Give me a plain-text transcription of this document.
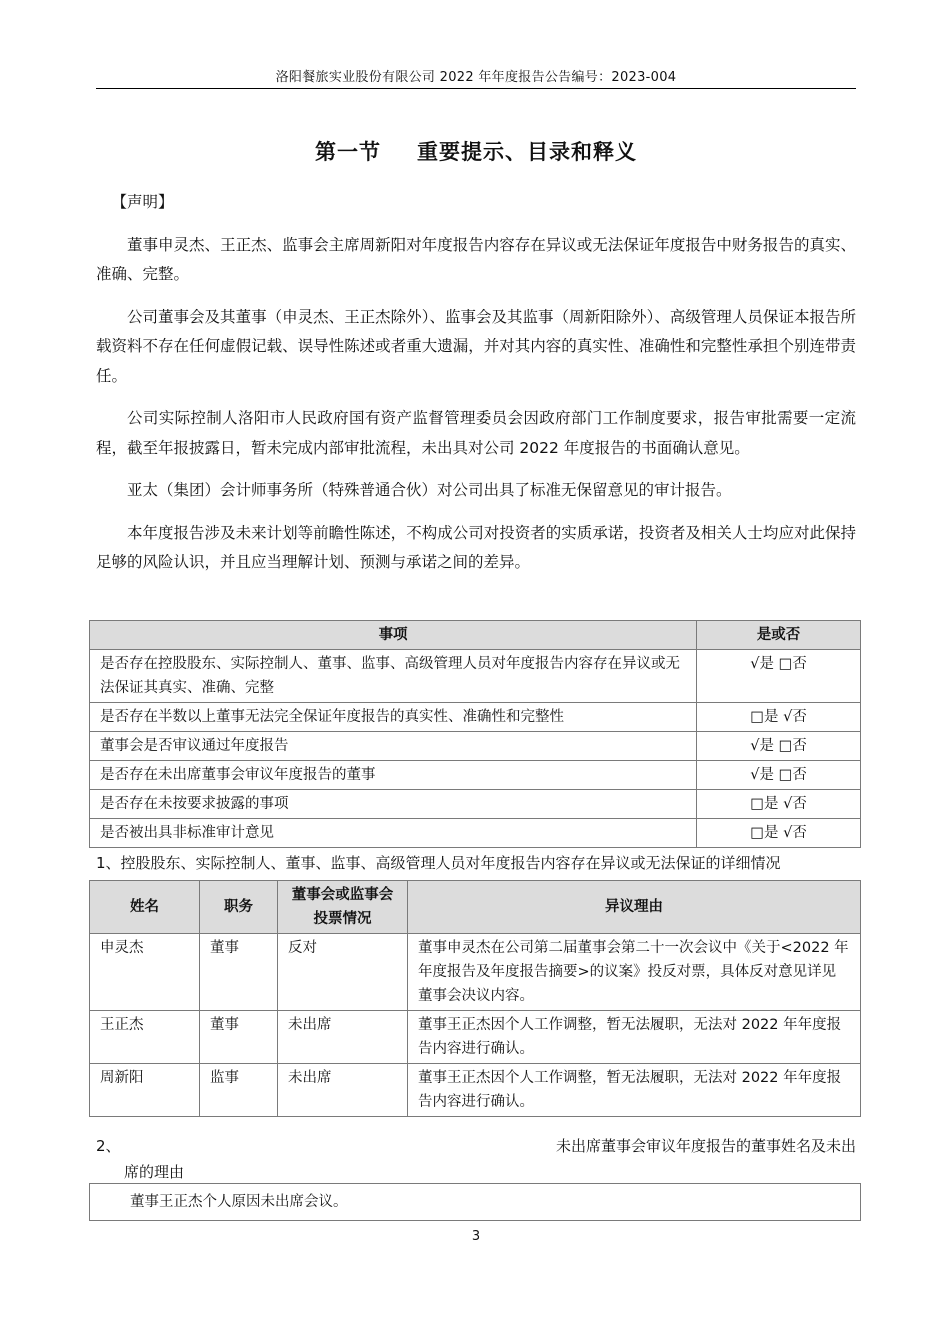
洛阳餐旅实业股份有限公司 2022 年年度报告公告编号：2023-004
第一节 重要提示、目录和释义

【声明】

董事申灵杰、王正杰、监事会主席周新阳对年度报告内容存在异议或无法保证年度报告中财务报告的真实、准确、完整。

公司董事会及其董事（申灵杰、王正杰除外）、监事会及其监事（周新阳除外）、高级管理人员保证本报告所载资料不存在任何虚假记载、误导性陈述或者重大遗漏，并对其内容的真实性、准确性和完整性承担个别连带责任。

公司实际控制人洛阳市人民政府国有资产监督管理委员会因政府部门工作制度要求，报告审批需要一定流程，截至年报披露日，暂未完成内部审批流程，未出具对公司 2022 年度报告的书面确认意见。

亚太（集团）会计师事务所（特殊普通合伙）对公司出具了标准无保留意见的审计报告。

本年度报告涉及未来计划等前瞻性陈述，不构成公司对投资者的实质承诺，投资者及相关人士均应对此保持足够的风险认识，并且应当理解计划、预测与承诺之间的差异。

事项	是或否
是否存在控股股东、实际控制人、董事、监事、高级管理人员对年度报告内容存在异议或无法保证其真实、准确、完整	√是 □否
是否存在半数以上董事无法完全保证年度报告的真实性、准确性和完整性	□是 √否
董事会是否审议通过年度报告	√是 □否
是否存在未出席董事会审议年度报告的董事	√是 □否
是否存在未按要求披露的事项	□是 √否
是否被出具非标准审计意见	□是 √否
1、控股股东、实际控制人、董事、监事、高级管理人员对年度报告内容存在异议或无法保证的详细情况
姓名	职务	董事会或监事会投票情况	异议理由
申灵杰	董事	反对	董事申灵杰在公司第二届董事会第二十一次会议中《关于<2022 年年度报告及年度报告摘要>的议案》投反对票，具体反对意见详见董事会决议内容。
王正杰	董事	未出席	董事王正杰因个人工作调整，暂无法履职，无法对 2022 年年度报告内容进行确认。
周新阳	监事	未出席	董事王正杰因个人工作调整，暂无法履职，无法对 2022 年年度报告内容进行确认。
2、	未出席董事会审议年度报告的董事姓名及未出
席的理由
董事王正杰个人原因未出席会议。
3
